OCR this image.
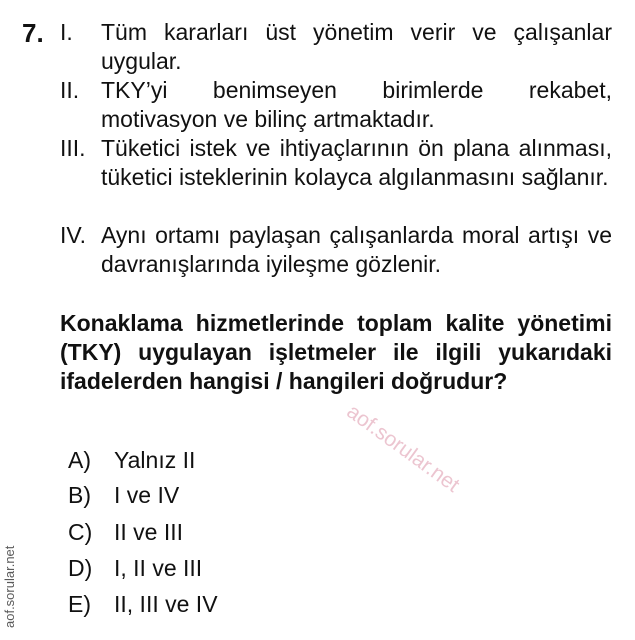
7. I. Tüm kararları üst yönetim verir ve çalışanlar uygular.
II. TKY’yi benimseyen birimlerde rekabet, motivasyon ve bilinç artmaktadır.
III. Tüketici istek ve ihtiyaçlarının ön plana alınması, tüketici isteklerinin kolayca algılanmasını sağlanır.
IV. Aynı ortamı paylaşan çalışanlarda moral artışı ve davranışlarında iyileşme gözlenir.
Konaklama hizmetlerinde toplam kalite yönetimi (TKY) uygulayan işletmeler ile ilgili yukarıdaki ifadelerden hangisi / hangileri doğrudur?
A) Yalnız II
B) I ve IV
C) II ve III
D) I, II ve III
E) II, III ve IV
aof.sorular.net
aof.sorular.net
